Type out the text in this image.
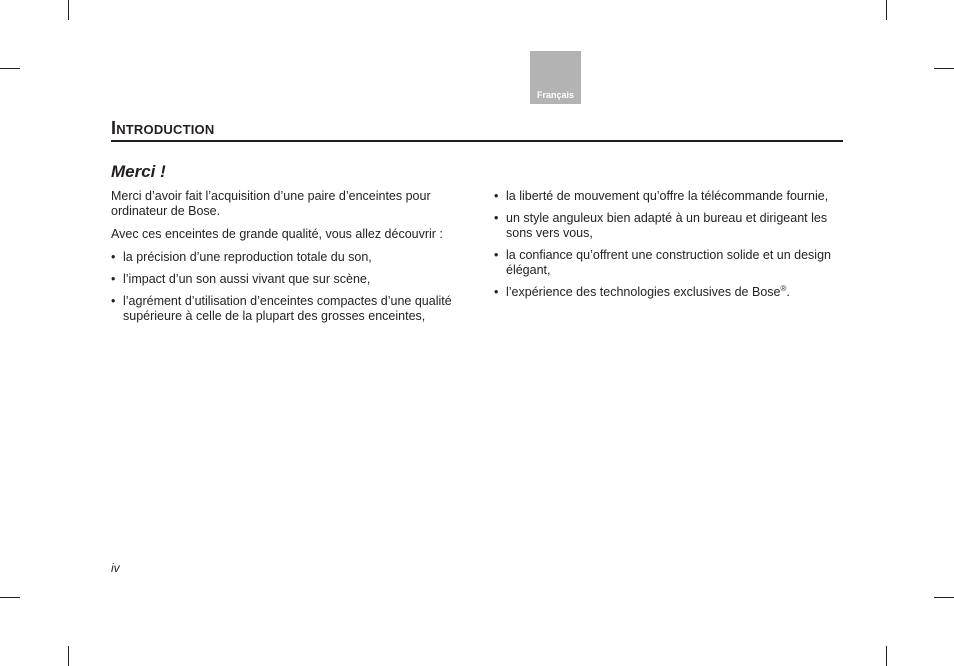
Français
Introduction
Merci !

Merci d’avoir fait l’acquisition d’une paire d’enceintes pour ordinateur de Bose.

Avec ces enceintes de grande qualité, vous allez découvrir :

• la précision d’une reproduction totale du son,
• l’impact d’un son aussi vivant que sur scène,
• l’agrément d’utilisation d’enceintes compactes d’une qualité supérieure à celle de la plupart des grosses enceintes,
• la liberté de mouvement qu’offre la télécommande fournie,
• un style anguleux bien adapté à un bureau et dirigeant les sons vers vous,
• la confiance qu’offrent une construction solide et un design élégant,
• l’expérience des technologies exclusives de Bose®.
iv
